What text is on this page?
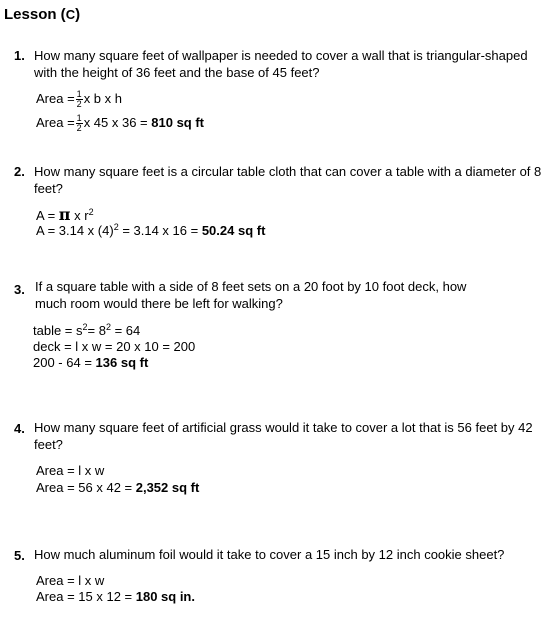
Lesson (C)
1. How many square feet of wallpaper is needed to cover a wall that is triangular-shaped with the height of 36 feet and the base of 45 feet?
Area = $\frac{1}{2}$ x b x h
Area = $\frac{1}{2}$ x 45 x 36 = 810 sq ft
2. How many square feet is a circular table cloth that can cover a table with a diameter of 8 feet?
A = π x $r^2$
A = 3.14 x $(4)^2 = 3.14$ x 16 = 50.24 sq ft
3. If a square table with a side of 8 feet sets on a 20 foot by 10 foot deck, how much room would there be left for walking?
table = $s^2= 8^2 = 64$
deck = l x w = 20 x 10 = 200
200 - 64 = 136 sq ft
4. How many square feet of artificial grass would it take to cover a lot that is 56 feet by 42 feet?
Area = l x w
Area = 56 x 42 = 2,352 sq ft
5. How much aluminum foil would it take to cover a 15 inch by 12 inch cookie sheet?
Area = l x w
Area = 15 x 12 = 180 sq in.
